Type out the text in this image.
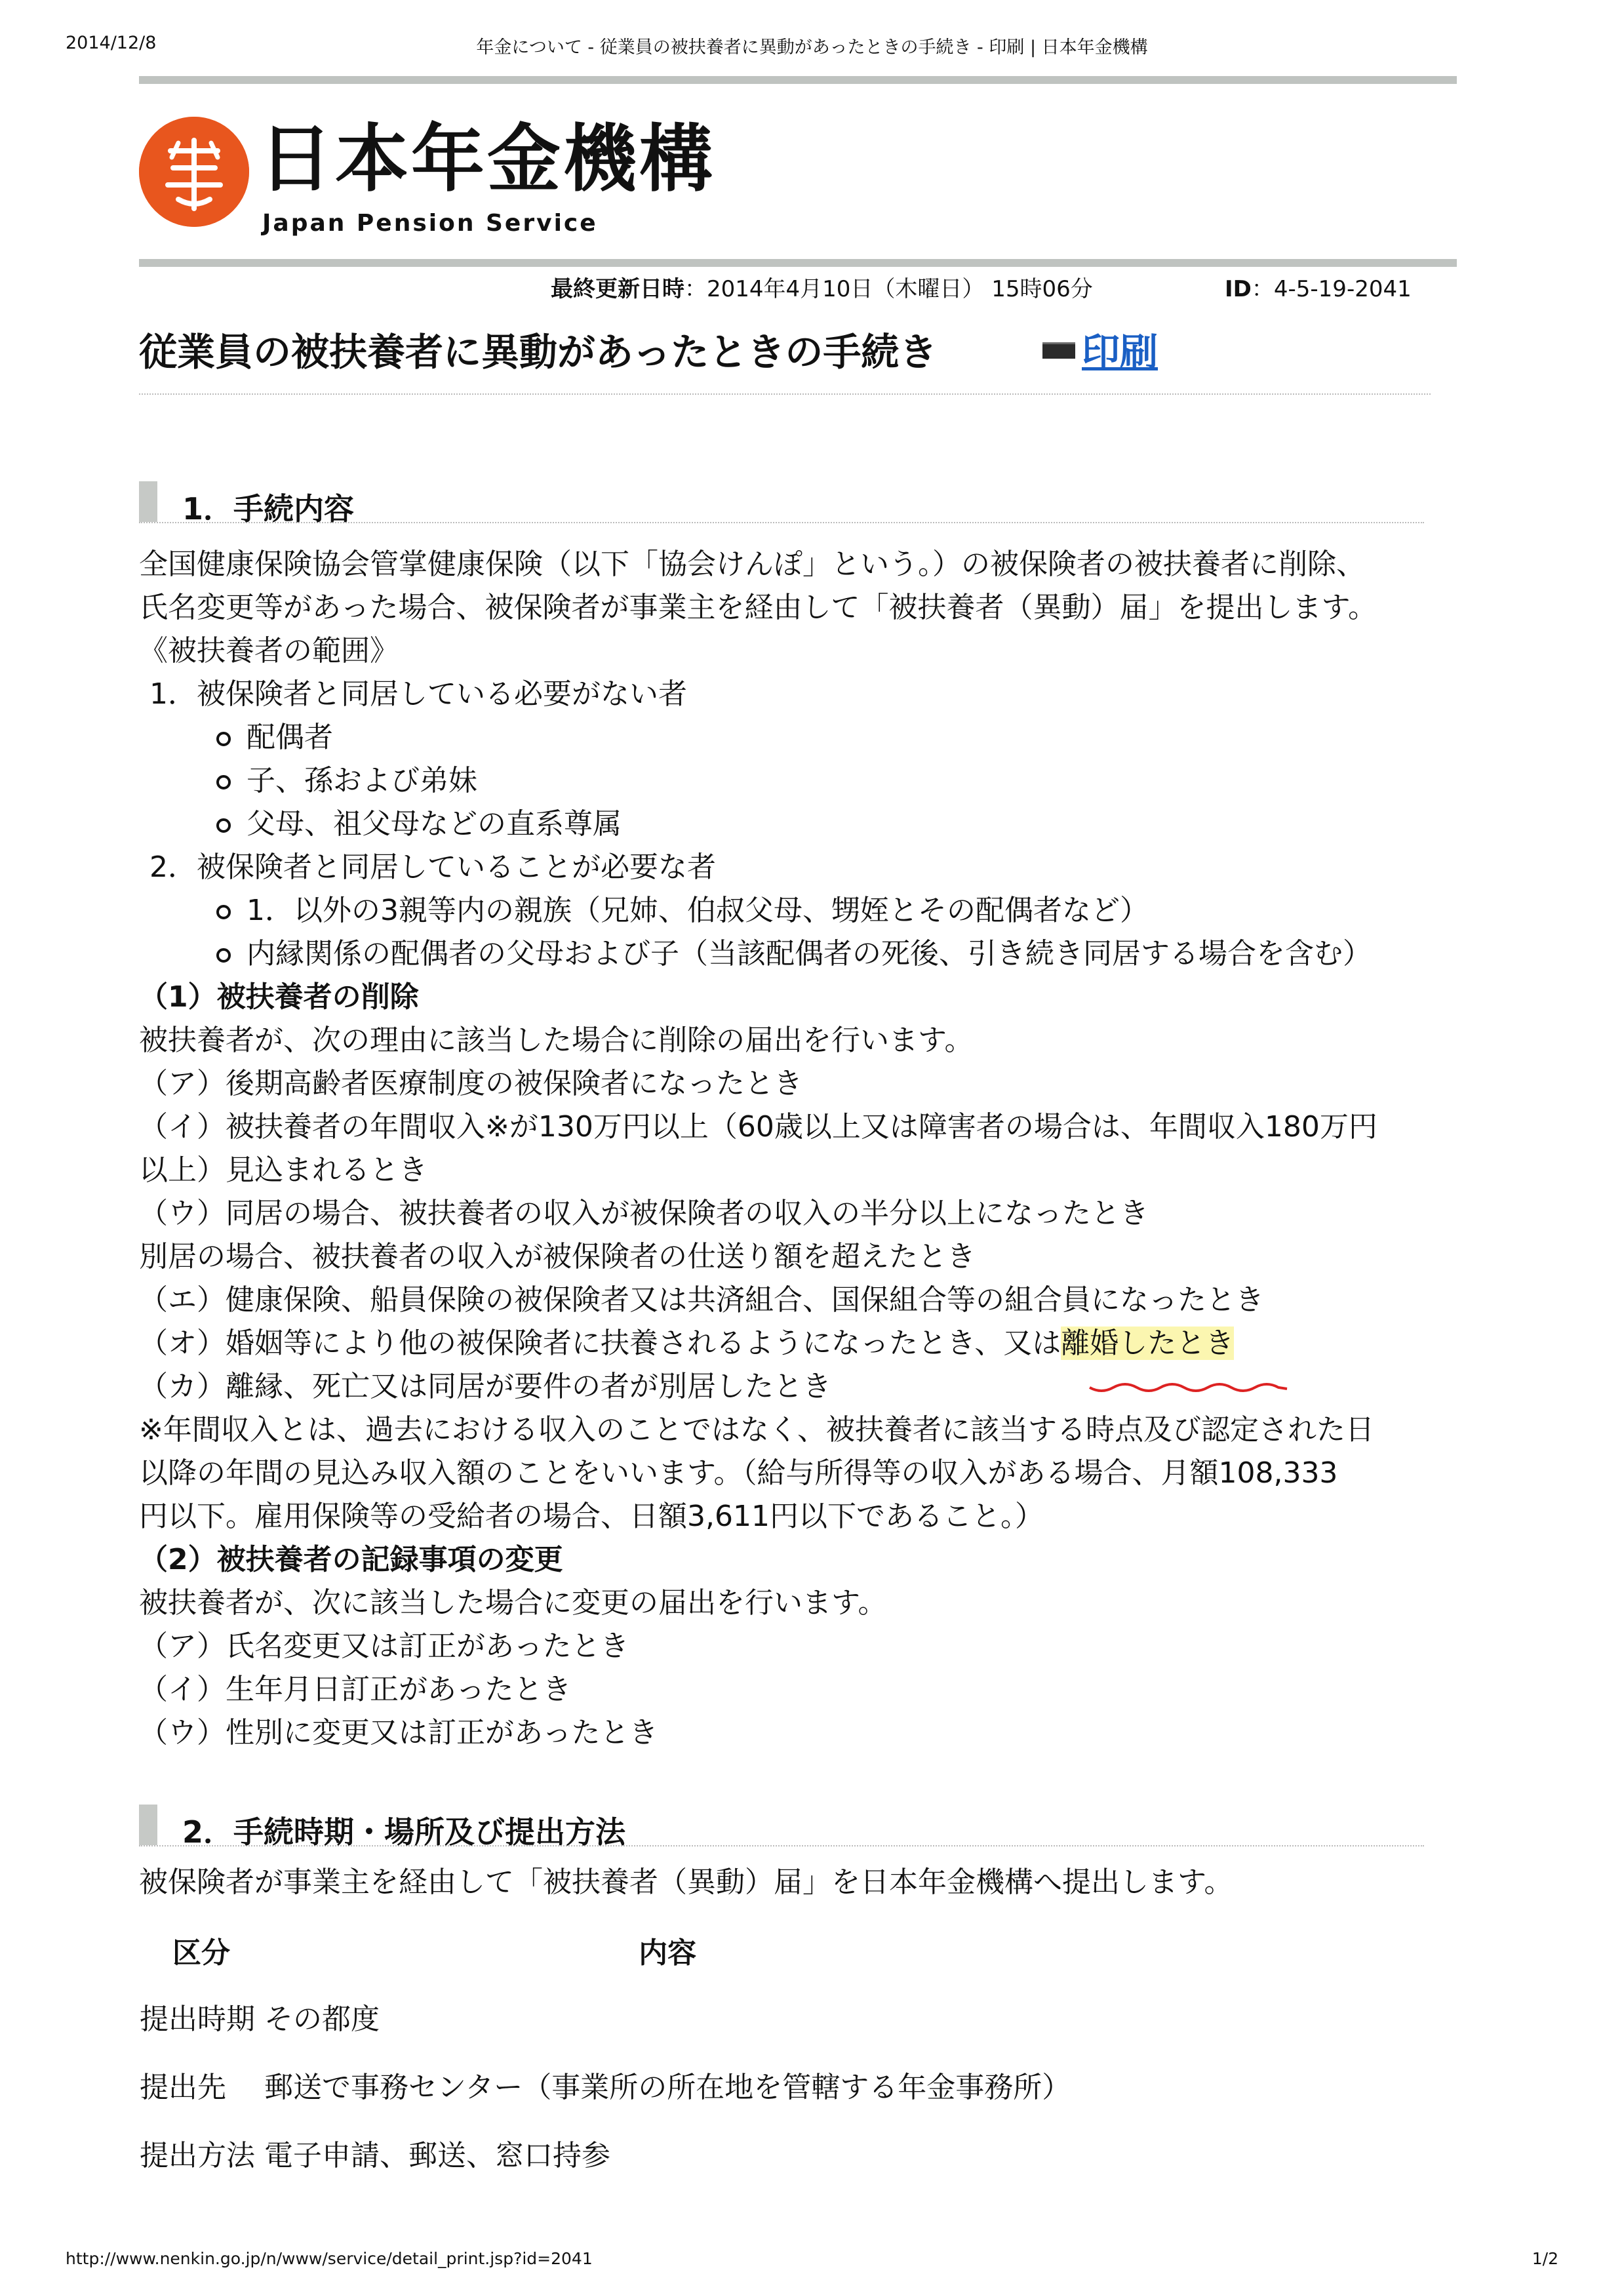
2014/12/8	年金について - 従業員の被扶養者に異動があったときの手続き - 印刷 | 日本年金機構
日本年金機構
Japan Pension Service
最終更新日時：2014年4月10日（木曜日） 15時06分	ID：4-5-19-2041
従業員の被扶養者に異動があったときの手続き	印刷
1．手続内容

全国健康保険協会管掌健康保険（以下「協会けんぽ」という。）の被保険者の被扶養者に削除、

氏名変更等があった場合、被保険者が事業主を経由して「被扶養者（異動）届」を提出します。

《被扶養者の範囲》

1．被保険者と同居している必要がない者

配偶者

子、孫および弟妹

父母、祖父母などの直系尊属

2．被保険者と同居していることが必要な者

1．以外の3親等内の親族（兄姉、伯叔父母、甥姪とその配偶者など）

内縁関係の配偶者の父母および子（当該配偶者の死後、引き続き同居する場合を含む）

（1）被扶養者の削除

被扶養者が、次の理由に該当した場合に削除の届出を行います。

（ア）後期高齢者医療制度の被保険者になったとき

（イ）被扶養者の年間収入※が130万円以上（60歳以上又は障害者の場合は、年間収入180万円

以上）見込まれるとき

（ウ）同居の場合、被扶養者の収入が被保険者の収入の半分以上になったとき

別居の場合、被扶養者の収入が被保険者の仕送り額を超えたとき

（エ）健康保険、船員保険の被保険者又は共済組合、国保組合等の組合員になったとき

（オ）婚姻等により他の被保険者に扶養されるようになったとき、又は離婚したとき

（カ）離縁、死亡又は同居が要件の者が別居したとき

※年間収入とは、過去における収入のことではなく、被扶養者に該当する時点及び認定された日

以降の年間の見込み収入額のことをいいます。（給与所得等の収入がある場合、月額108,333

円以下。雇用保険等の受給者の場合、日額3,611円以下であること。）

（2）被扶養者の記録事項の変更

被扶養者が、次に該当した場合に変更の届出を行います。

（ア）氏名変更又は訂正があったとき

（イ）生年月日訂正があったとき

（ウ）性別に変更又は訂正があったとき

2．手続時期・場所及び提出方法

被保険者が事業主を経由して「被扶養者（異動）届」を日本年金機構へ提出します。

区分	内容
提出時期	その都度
提出先	郵送で事務センター（事業所の所在地を管轄する年金事務所）
提出方法	電子申請、郵送、窓口持参
http://www.nenkin.go.jp/n/www/service/detail_print.jsp?id=2041	1/2
